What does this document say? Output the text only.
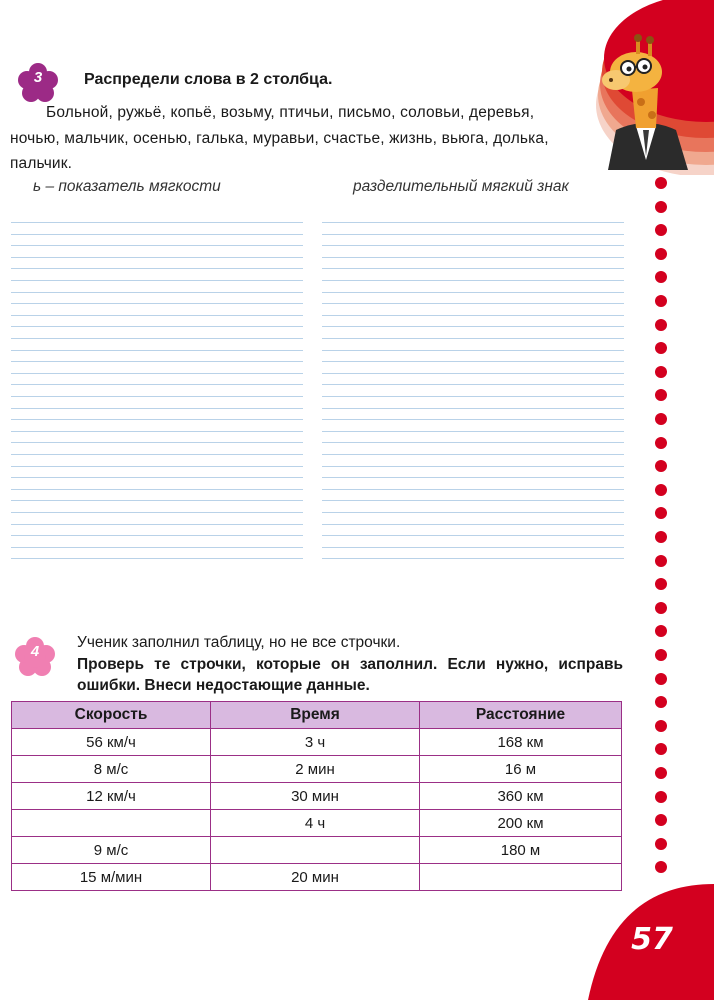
57
3	Распредели слова в 2 столбца.
Больной, ружьё, копьё, возьму, птичьи, письмо, соловьи, деревья, ночью, мальчик, осенью, галька, муравьи, счастье, жизнь, вьюга, долька, пальчик.
ь – показатель мягкости	разделительный мягкий знак
4
Ученик заполнил таблицу, но не все строчки.
Проверь те строчки, которые он заполнил. Если нужно, исправь ошибки. Внеси недостающие данные.
Скорость	Время	Расстояние
56 км/ч	3 ч	168 км
8 м/с	2 мин	16 м
12 км/ч	30 мин	360 км
	4 ч	200 км
9 м/с		180 м
15 м/мин	20 мин	
